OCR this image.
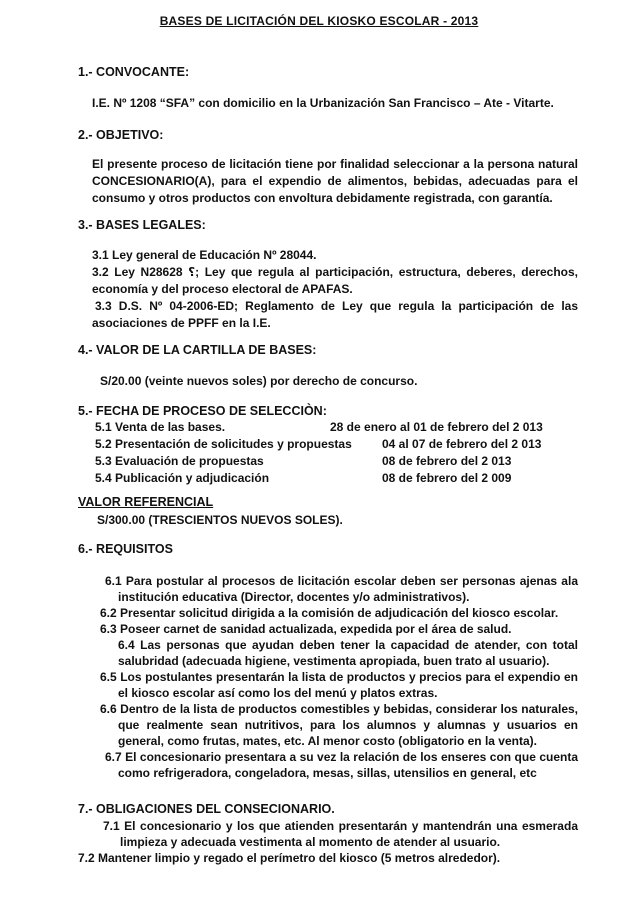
BASES DE LICITACIÓN DEL KIOSKO ESCOLAR - 2013
1.- CONVOCANTE:
I.E. Nº 1208 “SFA” con domicilio en la Urbanización San Francisco – Ate - Vitarte.
2.- OBJETIVO:
El presente proceso de licitación tiene por finalidad seleccionar a la persona natural
CONCESIONARIO(A), para el expendio de alimentos, bebidas, adecuadas para el
consumo y otros productos con envoltura debidamente registrada, con garantía.
3.- BASES LEGALES:
3.1 Ley general de Educación Nº 28044.
3.2 Ley N28628 ؟; Ley que regula al participación, estructura, deberes, derechos,
economía y del proceso electoral de APAFAS.
3.3 D.S. Nº 04-2006-ED; Reglamento de Ley que regula la participación de las
asociaciones de PPFF en la I.E.
4.- VALOR DE LA CARTILLA DE BASES:
S/20.00 (veinte nuevos soles) por derecho de concurso.
5.- FECHA DE PROCESO DE SELECCIÒN:
5.1 Venta de las bases.	28 de enero al 01 de febrero del 2 013
5.2 Presentación de solicitudes y propuestas	04 al 07 de febrero del 2 013
5.3 Evaluación de propuestas	08 de febrero del 2 013
5.4 Publicación y adjudicación	08 de febrero del 2 009
VALOR REFERENCIAL
S/300.00 (TRESCIENTOS NUEVOS SOLES).
6.- REQUISITOS
6.1 Para postular al procesos de licitación escolar deben ser personas ajenas ala
institución educativa (Director, docentes y/o administrativos).
6.2 Presentar solicitud dirigida a la comisión de adjudicación del kiosco escolar.
6.3 Poseer carnet de sanidad actualizada, expedida por el área de salud.
6.4 Las personas que ayudan deben tener la capacidad de atender, con total
salubridad (adecuada higiene, vestimenta apropiada, buen trato al usuario).
6.5 Los postulantes presentarán la lista de productos y precios para el expendio en
el kiosco escolar así como los del menú y platos extras.
6.6 Dentro de la lista de productos comestibles y bebidas, considerar los naturales,
que realmente sean nutritivos, para los alumnos y alumnas y usuarios en
general, como frutas, mates, etc. Al menor costo (obligatorio en la venta).
6.7 El concesionario presentara a su vez la relación de los enseres con que cuenta
como refrigeradora, congeladora, mesas, sillas, utensilios en general, etc
7.- OBLIGACIONES DEL CONSECIONARIO.
7.1 El concesionario y los que atienden presentarán y mantendrán una esmerada
limpieza y adecuada vestimenta al momento de atender al usuario.
7.2 Mantener limpio y regado el perímetro del kiosco (5 metros alrededor).
